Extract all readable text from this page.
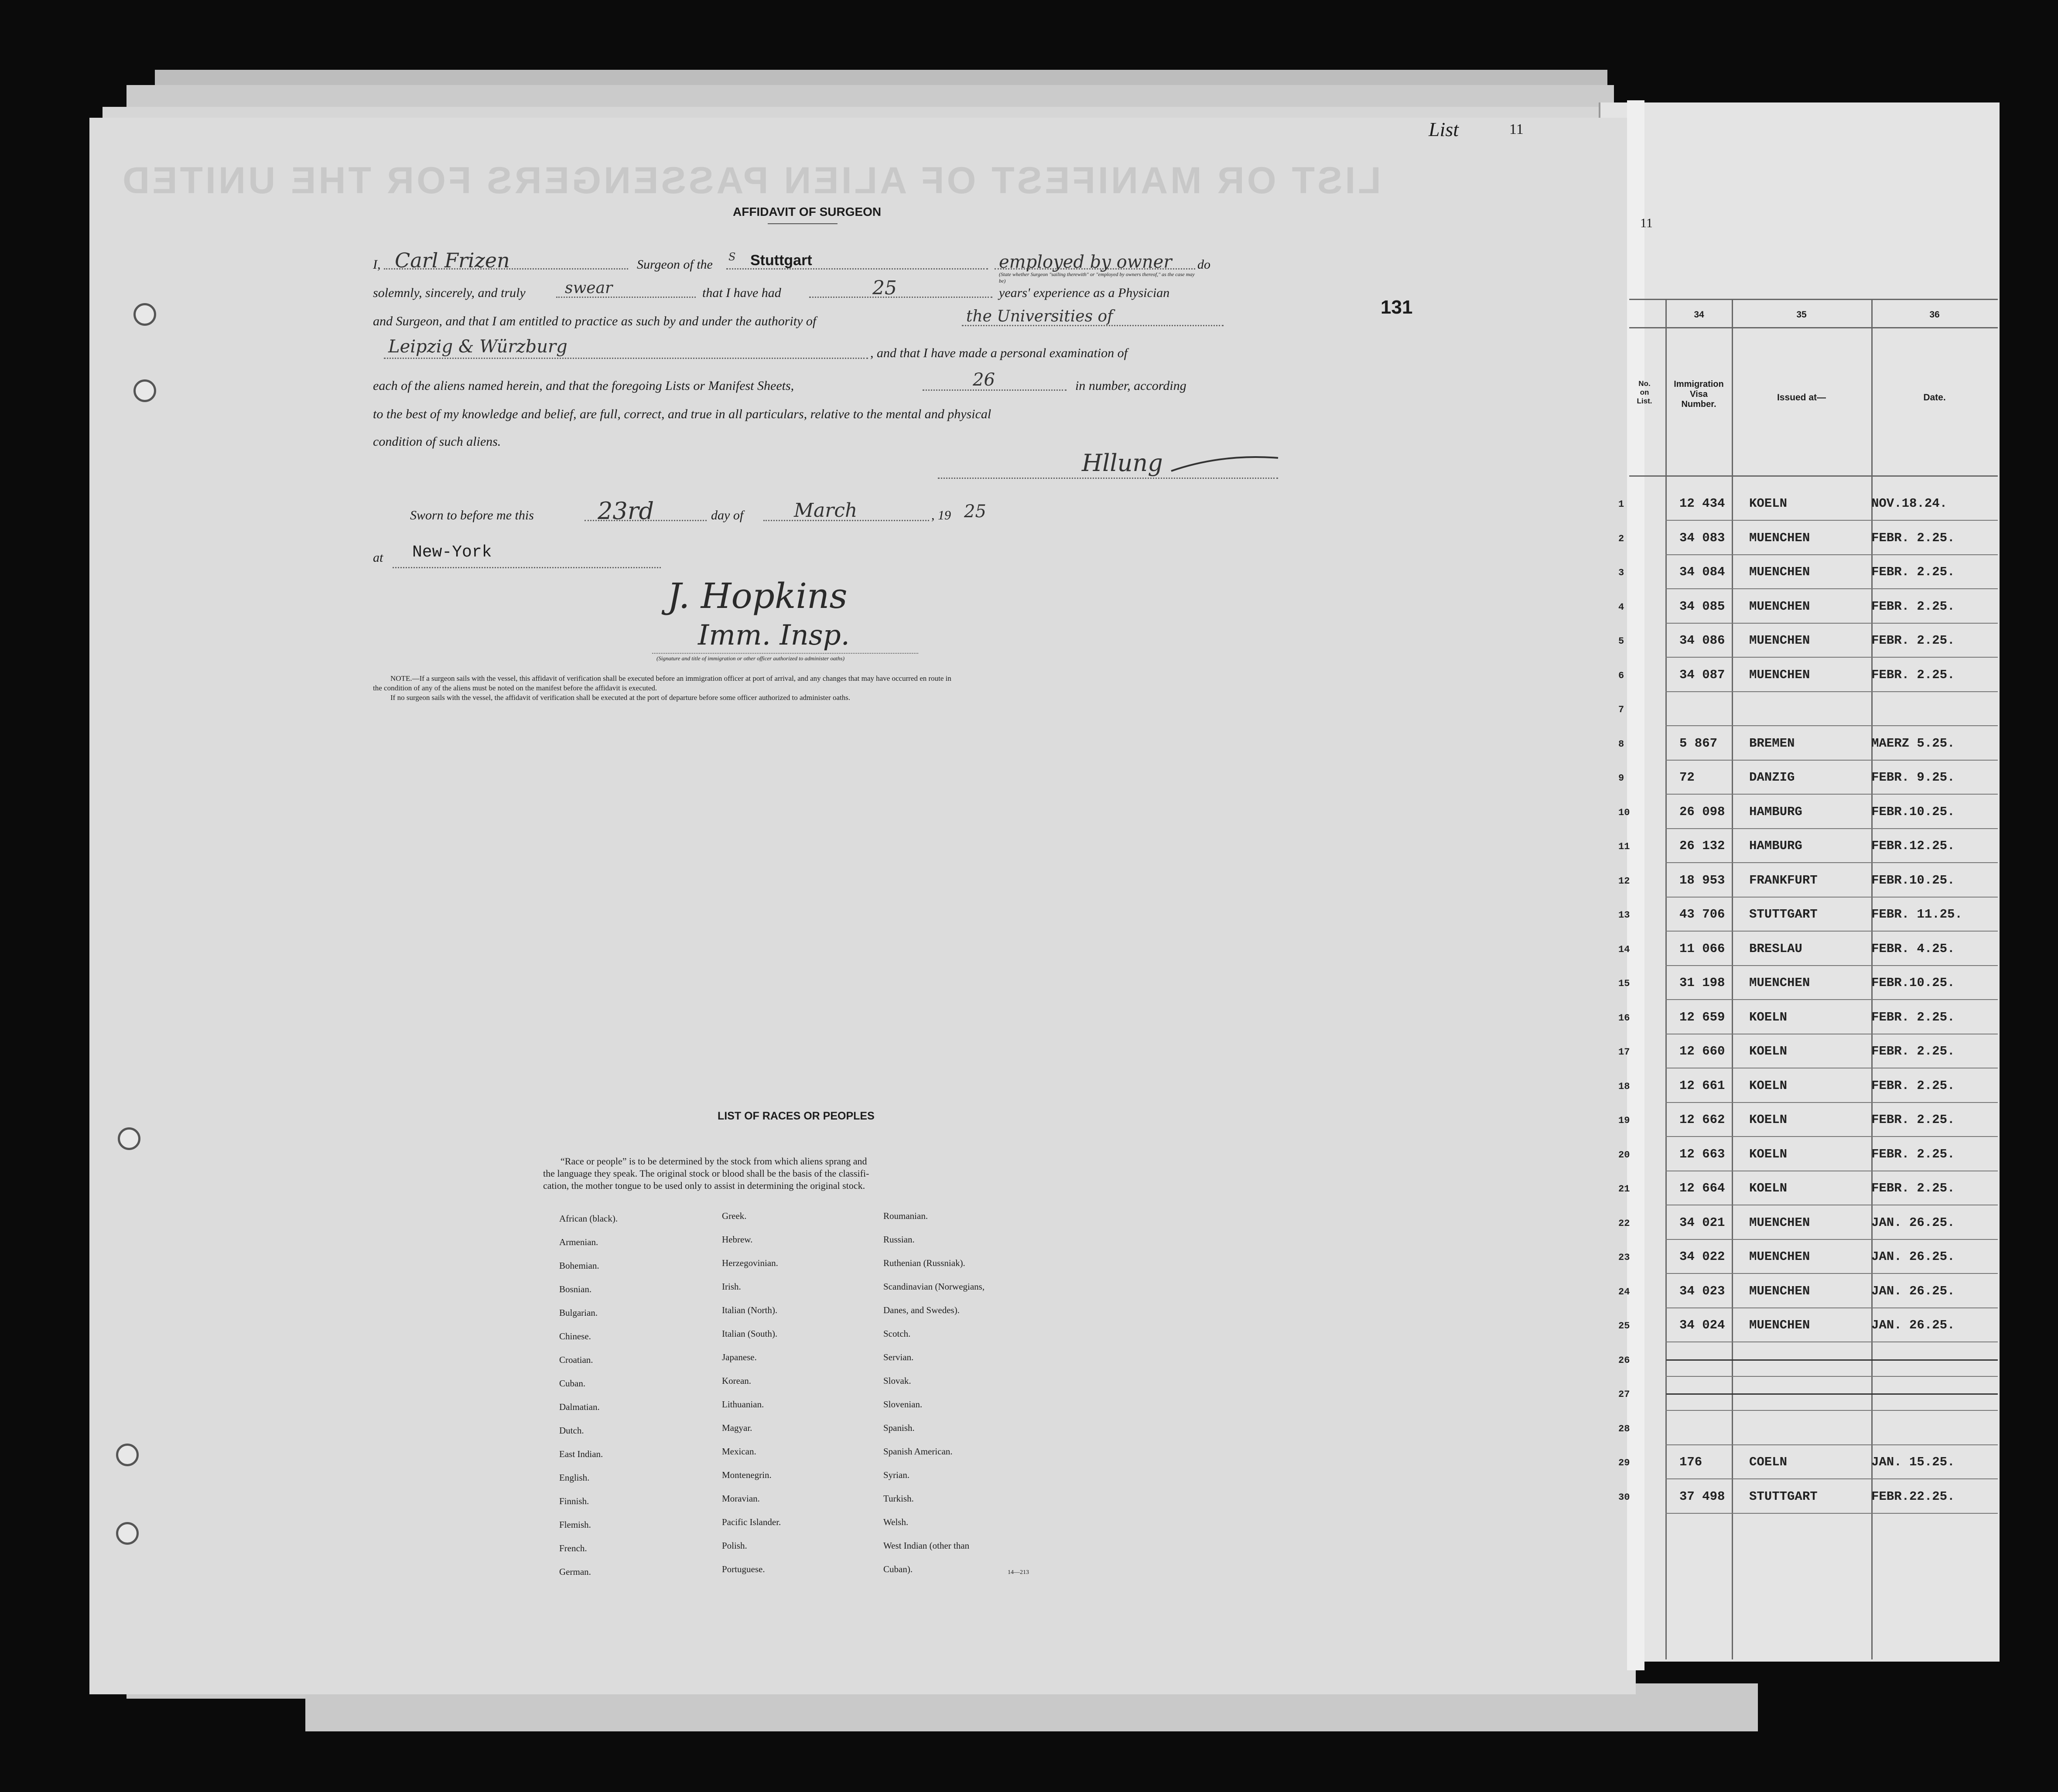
LIST OR MANIFEST OF ALIEN PASSENGERS FOR THE UNITED
List	11
131
AFFIDAVIT OF SURGEON
I, Carl Frizen	Surgeon of the
S Stuttgart	employed by owner
(State whether Surgeon "sailing therewith" or "employed by owners thereof," as the case may be)
do
solemnly, sincerely, and truly	swear	that I have had	25	years' experience as a Physician
and Surgeon, and that I am entitled to practice as such by and under the authority of	the Universities of
Leipzig & Würzburg	, and that I have made a personal examination of
each of the aliens named herein, and that the foregoing Lists or Manifest Sheets,	26	in number, according
to the best of my knowledge and belief, are full, correct, and true in all particulars, relative to the mental and physical
condition of such aliens.
Hllung
Sworn to before me this	23rd	day of	March	, 19 25
at New-York
J. Hopkins
Imm. Insp.
(Signature and title of immigration or other officer authorized to administer oaths)
NOTE.—If a surgeon sails with the vessel, this affidavit of verification shall be executed before an immigration officer at port of arrival, and any changes that may have occurred en route in
the condition of any of the aliens must be noted on the manifest before the affidavit is executed.
If no surgeon sails with the vessel, the affidavit of verification shall be executed at the port of departure before some officer authorized to administer oaths.
LIST OF RACES OR PEOPLES
“Race or people” is to be determined by the stock from which aliens sprang and
the language they speak. The original stock or blood shall be the basis of the classifi-
cation, the mother tongue to be used only to assist in determining the original stock.
African (black).
Armenian.
Bohemian.
Bosnian.
Bulgarian.
Chinese.
Croatian.
Cuban.
Dalmatian.
Dutch.
East Indian.
English.
Finnish.
Flemish.
French.
German.
Greek.
Hebrew.
Herzegovinian.
Irish.
Italian (North).
Italian (South).
Japanese.
Korean.
Lithuanian.
Magyar.
Mexican.
Montenegrin.
Moravian.
Pacific Islander.
Polish.
Portuguese.
Roumanian.
Russian.
Ruthenian (Russniak).
Scandinavian (Norwegians,
Danes, and Swedes).
Scotch.
Servian.
Slovak.
Slovenian.
Spanish.
Spanish American.
Syrian.
Turkish.
Welsh.
West Indian (other than
Cuban).	14—213
11
34	35	36
No.
on
List.
Immigration
Visa
Number.
Issued at—	Date.
1	12 434 KOELN	NOV.18.24.
2	34 083 MUENCHEN	FEBR. 2.25.
3	34 084 MUENCHEN	FEBR. 2.25.
4	34 085 MUENCHEN	FEBR. 2.25.
5	34 086 MUENCHEN	FEBR. 2.25.
6	34 087 MUENCHEN	FEBR. 2.25.
7
8	5 867	BREMEN	MAERZ 5.25.
9	72	DANZIG	FEBR. 9.25.
10	26 098 HAMBURG	FEBR.10.25.
11	26 132 HAMBURG	FEBR.12.25.
12	18 953 FRANKFURT	FEBR.10.25.
13	43 706 STUTTGART	FEBR. 11.25.
14	11 066 BRESLAU	FEBR. 4.25.
15	31 198 MUENCHEN	FEBR.10.25.
16	12 659 KOELN	FEBR. 2.25.
17	12 660 KOELN	FEBR. 2.25.
18	12 661 KOELN	FEBR. 2.25.
19	12 662 KOELN	FEBR. 2.25.
20	12 663 KOELN	FEBR. 2.25.
21	12 664 KOELN	FEBR. 2.25.
22	34 021 MUENCHEN	JAN. 26.25.
23	34 022 MUENCHEN	JAN. 26.25.
24	34 023 MUENCHEN	JAN. 26.25.
25	34 024 MUENCHEN	JAN. 26.25.
26
27
28
29	176	COELN	JAN. 15.25.
30	37 498 STUTTGART	FEBR.22.25.
